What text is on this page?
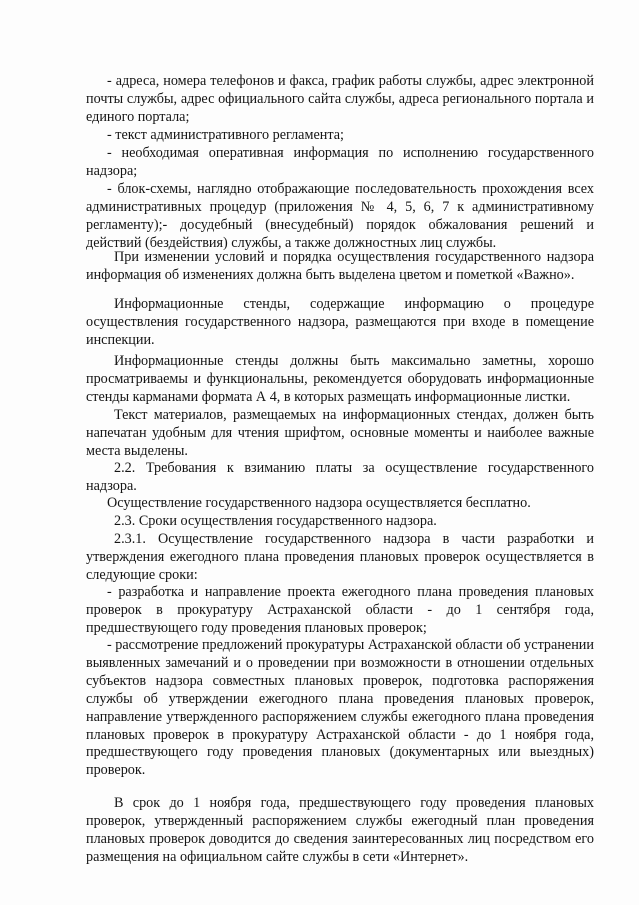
- адреса, номера телефонов и факса, график работы службы, адрес электронной почты службы, адрес официального сайта службы, адреса регионального портала и единого портала;

- текст административного регламента;

- необходимая оперативная информация по исполнению государственного надзора;

- блок-схемы, наглядно отображающие последовательность прохождения всех административных процедур (приложения № 4, 5, 6, 7 к административному регламенту);- досудебный (внесудебный) порядок обжалования решений и действий (бездействия) службы, а также должностных лиц службы.

При изменении условий и порядка осуществления государственного надзора информация об изменениях должна быть выделена цветом и пометкой «Важно».

Информационные стенды, содержащие информацию о процедуре осуществления государственного надзора, размещаются при входе в помещение инспекции.

Информационные стенды должны быть максимально заметны, хорошо просматриваемы и функциональны, рекомендуется оборудовать информационные стенды карманами формата А 4, в которых размещать информационные листки.

Текст материалов, размещаемых на информационных стендах, должен быть напечатан удобным для чтения шрифтом, основные моменты и наиболее важные места выделены.

2.2. Требования к взиманию платы за осуществление государственного надзора.

Осуществление государственного надзора осуществляется бесплатно.

2.3. Сроки осуществления государственного надзора.

2.3.1. Осуществление государственного надзора в части разработки и утверждения ежегодного плана проведения плановых проверок осуществляется в следующие сроки:

- разработка и направление проекта ежегодного плана проведения плановых проверок в прокуратуру Астраханской области - до 1 сентября года, предшествующего году проведения плановых проверок;

- рассмотрение предложений прокуратуры Астраханской области об устранении выявленных замечаний и о проведении при возможности в отношении отдельных субъектов надзора совместных плановых проверок, подготовка распоряжения службы об утверждении ежегодного плана проведения плановых проверок, направление утвержденного распоряжением службы ежегодного плана проведения плановых проверок в прокуратуру Астраханской области - до 1 ноября года, предшествующего году проведения плановых (документарных или выездных) проверок.

В срок до 1 ноября года, предшествующего году проведения плановых проверок, утвержденный распоряжением службы ежегодный план проведения плановых проверок доводится до сведения заинтересованных лиц посредством его размещения на официальном сайте службы в сети «Интернет».
